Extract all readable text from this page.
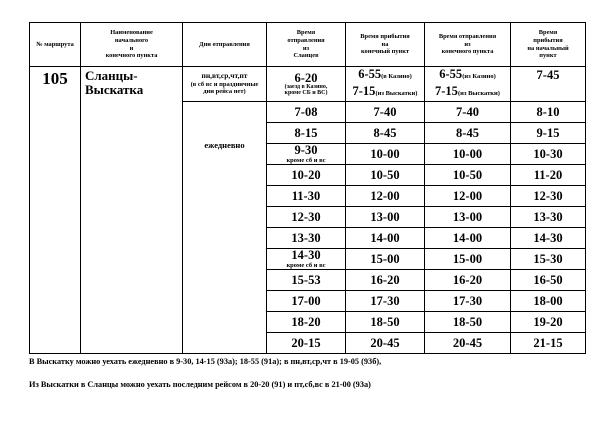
№ маршрута	Наименование
начального
и
конечного пункта	Дни отправления	Время
отправления
из
Сланцев	Время прибытия
на
конечный пункт	Время отправления
из
конечного пункта	Время
прибытия
на начальный
пункт
105	Сланцы-
Выскатка	пн,вт,ср,чт,пт
(в сб вс и праздничные
дни рейса нет)	6-20
(заезд в Казино,
кроме СБ и ВС)	6-55(в Казино)
7-15(из Выскатки)	6-55(из Казино)
7-15(из Выскатки)	7-45
		ежедневно	7-08	7-40	7-40	8-10
			8-15	8-45	8-45	9-15
			9-30
кроме сб и вс	10-00	10-00	10-30
			10-20	10-50	10-50	11-20
			11-30	12-00	12-00	12-30
			12-30	13-00	13-00	13-30
			13-30	14-00	14-00	14-30
			14-30
кроме сб и вс	15-00	15-00	15-30
			15-53	16-20	16-20	16-50
			17-00	17-30	17-30	18-00
			18-20	18-50	18-50	19-20
			20-15	20-45	20-45	21-15
В Выскатку можно уехать ежедневно в 9-30, 14-15 (93а); 18-55 (91а); в пн,вт,ср,чт в 19-05 (93б),
Из Выскатки в Сланцы можно уехать последним рейсом в 20-20 (91) и пт,сб,вс в 21-00 (93а)
